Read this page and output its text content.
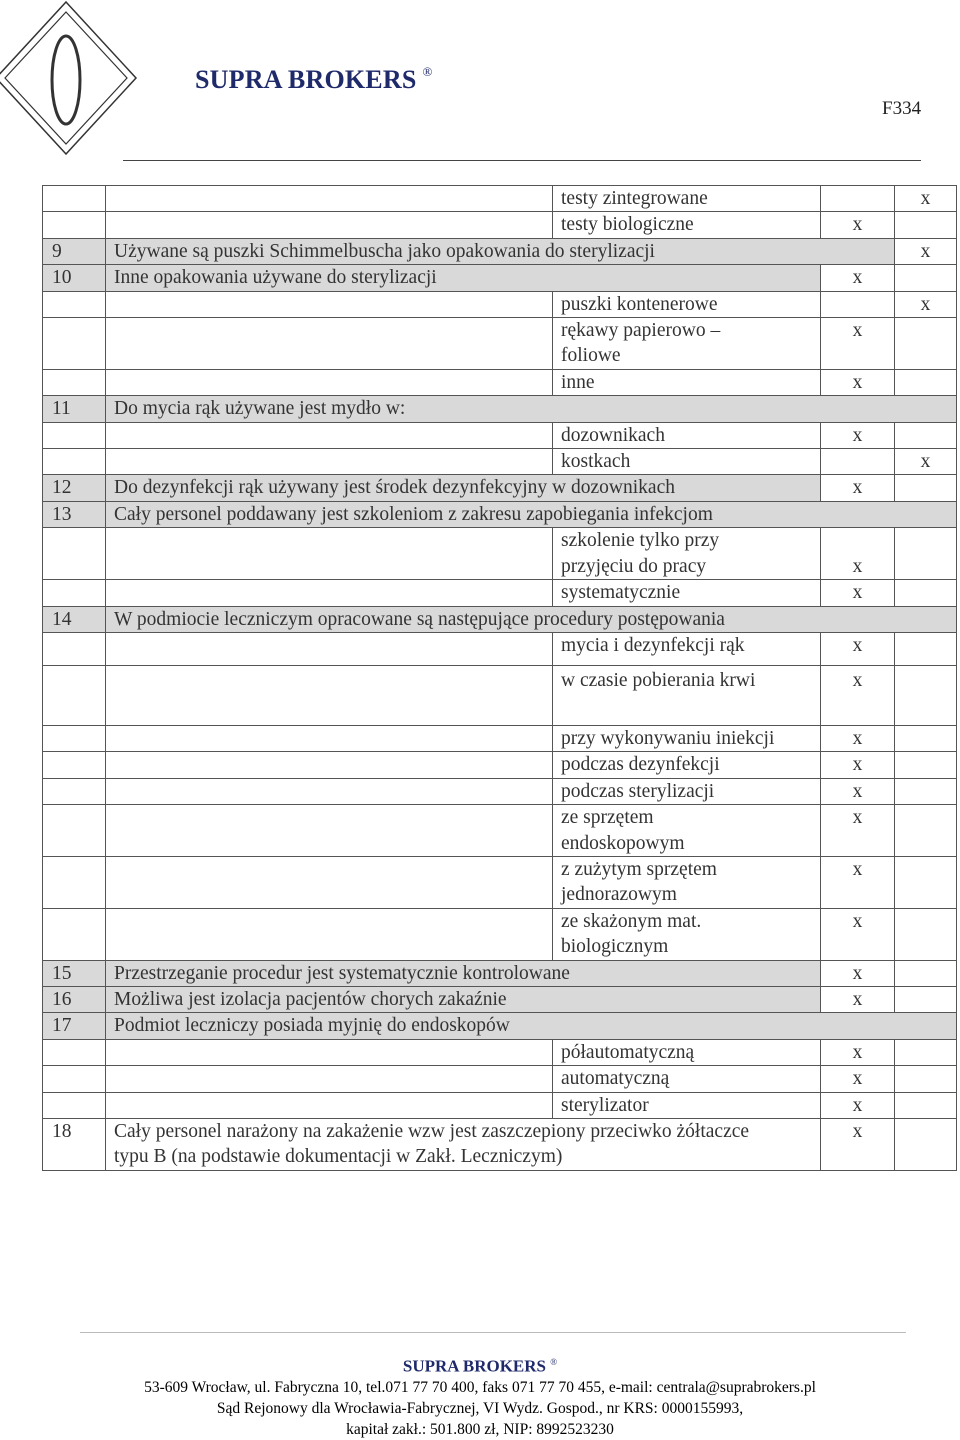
SUPRA BROKERS ®
F334
		testy zintegrowane		x
		testy biologiczne	x	
9	Używane są puszki Schimmelbuscha jako opakowania do sterylizacji			x
10	Inne opakowania używane do sterylizacji		x	
		puszki kontenerowe		x
		rękawy papierowo – foliowe	x	
		inne	x	
11	Do mycia rąk używane jest mydło w:			
		dozownikach	x	
		kostkach		x
12	Do dezynfekcji rąk używany jest środek dezynfekcyjny w dozownikach		x	
13	Cały personel poddawany jest szkoleniom z zakresu zapobiegania infekcjom			
		szkolenie tylko przy przyjęciu do pracy	x	
		systematycznie	x	
14	W podmiocie leczniczym opracowane są następujące procedury postępowania			
		mycia i dezynfekcji rąk	x	
		w czasie pobierania krwi	x	
		przy wykonywaniu iniekcji	x	
		podczas dezynfekcji	x	
		podczas sterylizacji	x	
		ze sprzętem endoskopowym	x	
		z zużytym sprzętem jednorazowym	x	
		ze skażonym mat. biologicznym	x	
15	Przestrzeganie procedur jest systematycznie kontrolowane		x	
16	Możliwa jest izolacja pacjentów chorych zakaźnie		x	
17	Podmiot leczniczy posiada myjnię do endoskopów			
		półautomatyczną	x	
		automatyczną	x	
		sterylizator	x	
18	Cały personel narażony na zakażenie wzw jest zaszczepiony przeciwko żółtaczce typu B (na podstawie dokumentacji w Zakł. Leczniczym)		x	
SUPRA BROKERS ®
53-609 Wrocław, ul. Fabryczna 10, tel.071 77 70 400, faks 071 77 70 455, e-mail: centrala@suprabrokers.pl
Sąd Rejonowy dla Wrocławia-Fabrycznej, VI Wydz. Gospod., nr KRS: 0000155993,
kapitał zakł.: 501.800 zł, NIP: 8992523230
